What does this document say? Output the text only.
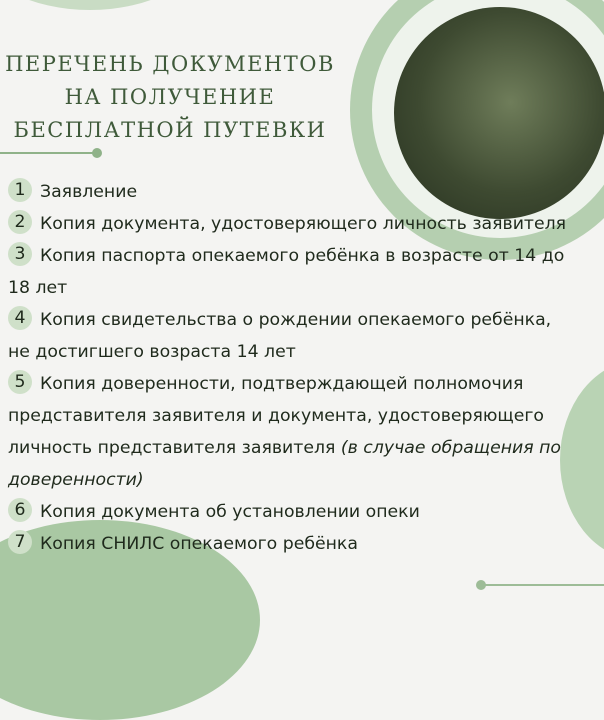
ПЕРЕЧЕНЬ ДОКУМЕНТОВ
НА ПОЛУЧЕНИЕ
БЕСПЛАТНОЙ ПУТЕВКИ
1 Заявление
2 Копия документа, удостоверяющего личность заявителя
3 Копия паспорта опекаемого ребёнка в возрасте от 14 до
18 лет
4 Копия свидетельства о рождении опекаемого ребёнка,
не достигшего возраста 14 лет
5 Копия доверенности, подтверждающей полномочия
представителя заявителя и документа, удостоверяющего
личность представителя заявителя (в случае обращения по
доверенности)
6 Копия документа об установлении опеки
7 Копия СНИЛС опекаемого ребёнка
